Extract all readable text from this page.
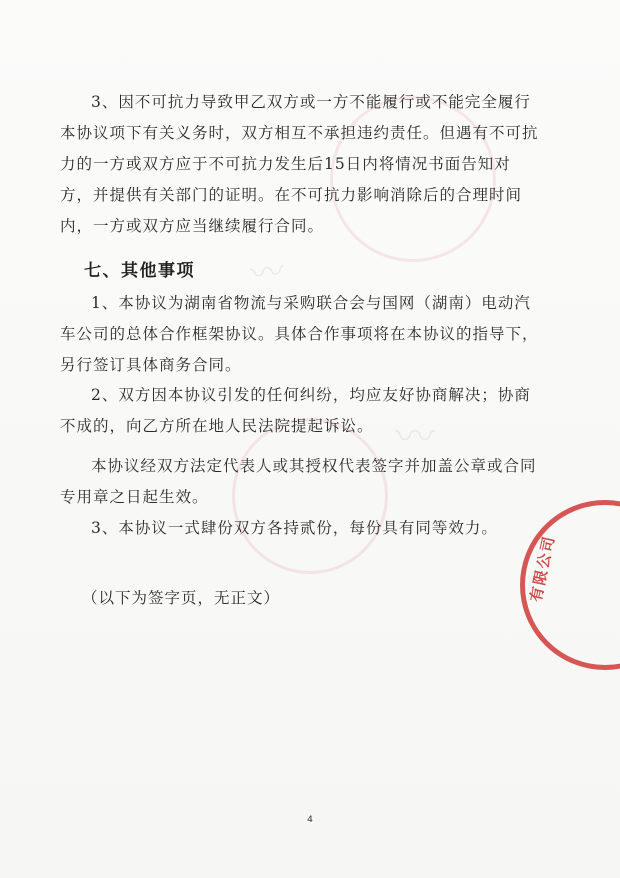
〰
〰
有限公司

3、因不可抗力导致甲乙双方或一方不能履行或不能完全履行本协议项下有关义务时，双方相互不承担违约责任。但遇有不可抗力的一方或双方应于不可抗力发生后15日内将情况书面告知对方，并提供有关部门的证明。在不可抗力影响消除后的合理时间内，一方或双方应当继续履行合同。

七、其他事项

1、本协议为湖南省物流与采购联合会与国网（湖南）电动汽车公司的总体合作框架协议。具体合作事项将在本协议的指导下，另行签订具体商务合同。

2、双方因本协议引发的任何纠纷，均应友好协商解决；协商不成的，向乙方所在地人民法院提起诉讼。

本协议经双方法定代表人或其授权代表签字并加盖公章或合同专用章之日起生效。

3、本协议一式肆份双方各持贰份，每份具有同等效力。

（以下为签字页，无正文）

4
